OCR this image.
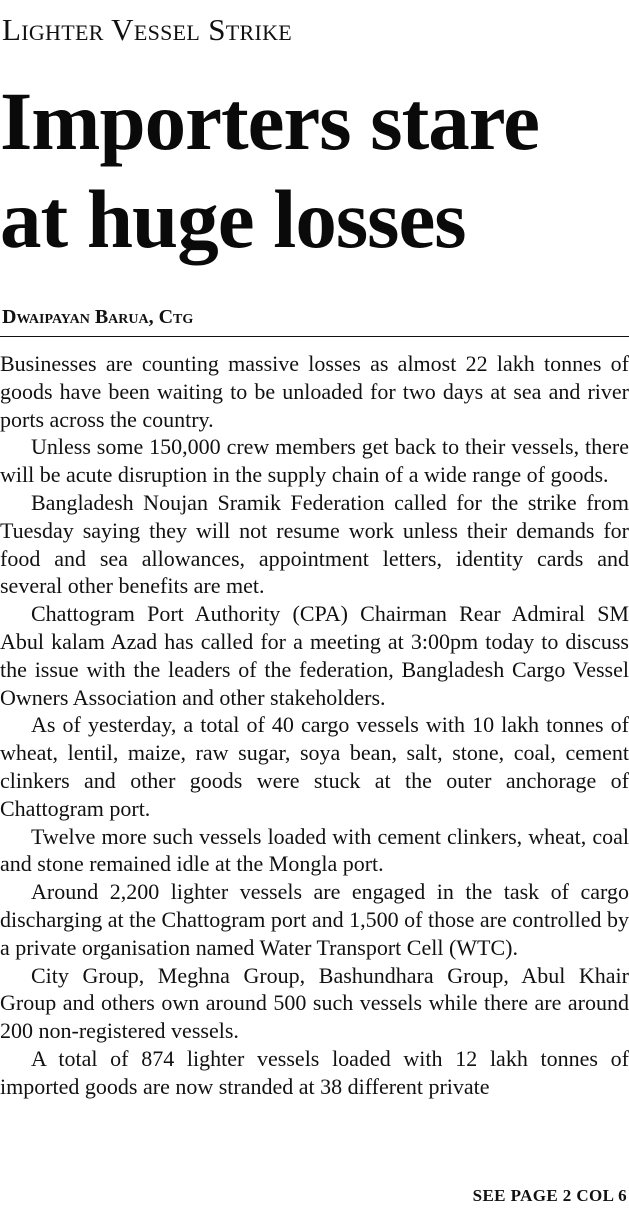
Lighter Vessel Strike
Importers stare
at huge losses
Dwaipayan Barua, Ctg

Businesses are counting massive losses as almost 22 lakh tonnes of goods have been waiting to be unloaded for two days at sea and river ports across the country.

Unless some 150,000 crew members get back to their vessels, there will be acute disruption in the supply chain of a wide range of goods.

Bangladesh Noujan Sramik Federation called for the strike from Tuesday saying they will not resume work unless their demands for food and sea allowances, appointment letters, identity cards and several other benefits are met.

Chattogram Port Authority (CPA) Chairman Rear Admiral SM Abul kalam Azad has called for a meeting at 3:00pm today to discuss the issue with the leaders of the federation, Bangladesh Cargo Vessel Owners Association and other stakeholders.

As of yesterday, a total of 40 cargo vessels with 10 lakh tonnes of wheat, lentil, maize, raw sugar, soya bean, salt, stone, coal, cement clinkers and other goods were stuck at the outer anchorage of Chattogram port.

Twelve more such vessels loaded with cement clinkers, wheat, coal and stone remained idle at the Mongla port.

Around 2,200 lighter vessels are engaged in the task of cargo discharging at the Chattogram port and 1,500 of those are controlled by a private organisation named Water Transport Cell (WTC).

City Group, Meghna Group, Bashundhara Group, Abul Khair Group and others own around 500 such vessels while there are around 200 non-registered vessels.

A total of 874 lighter vessels loaded with 12 lakh tonnes of imported goods are now stranded at 38 different private

SEE PAGE 2 COL 6
